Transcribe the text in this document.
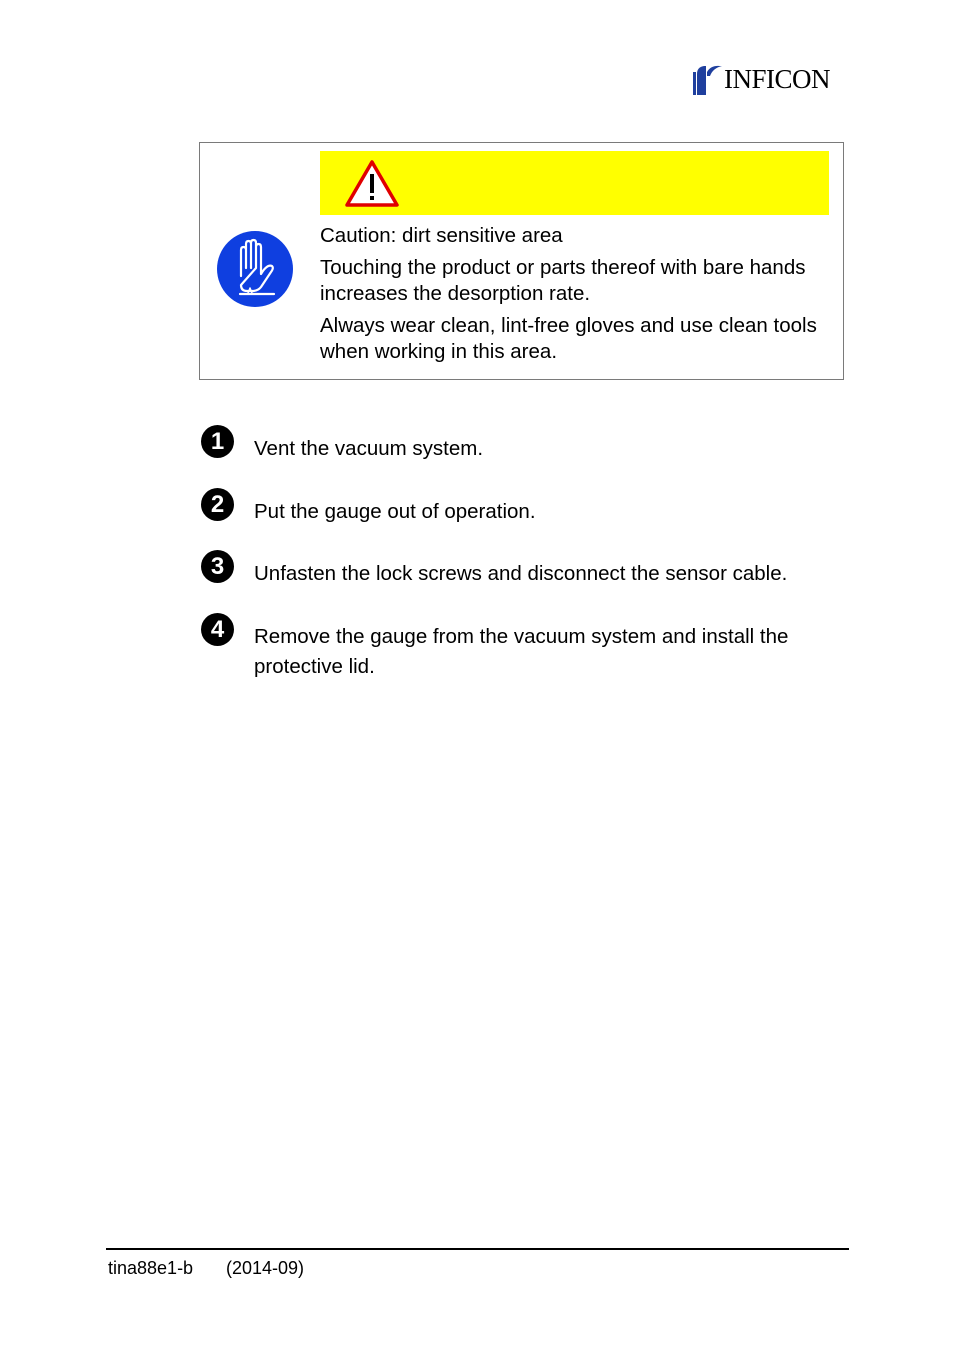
INFICON

Caution: dirt sensitive area

Touching the product or parts thereof with bare hands increases the desorption rate.

Always wear clean, lint-free gloves and use clean tools when working in this area.

1	Vent the vacuum system.
2	Put the gauge out of operation.
3	Unfasten the lock screws and disconnect the sensor cable.
4	Remove the gauge from the vacuum system and install the protective lid.
tina88e1-b (2014-09)
